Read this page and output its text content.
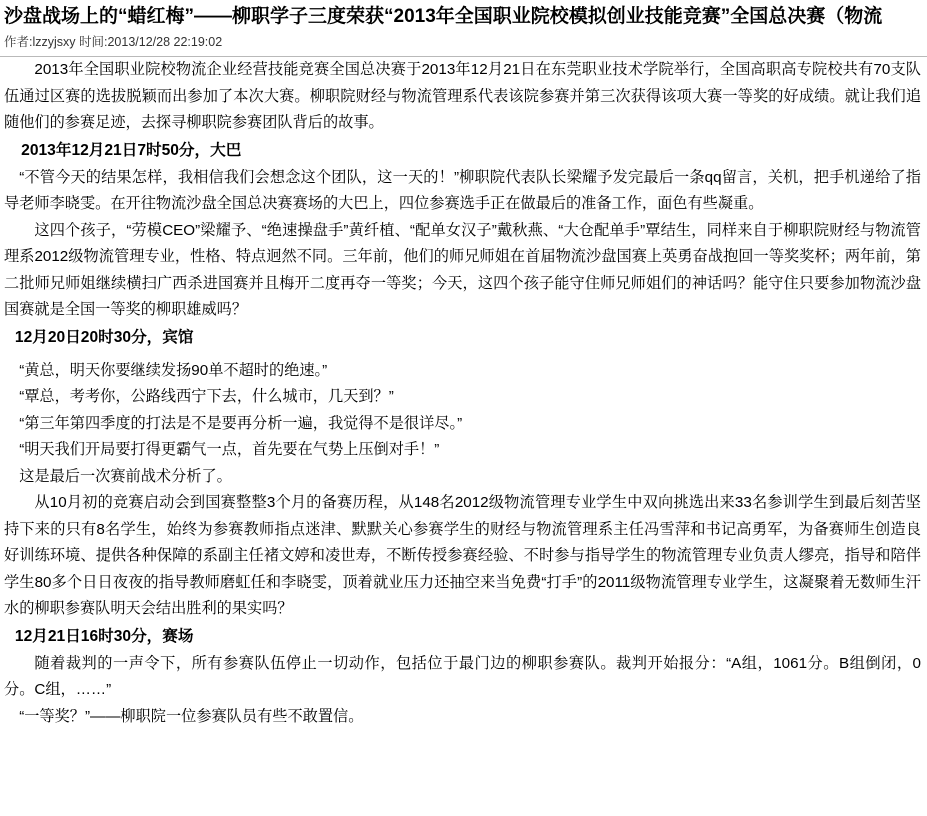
沙盘战场上的“蜡红梅”——柳职学子三度荣获“2013年全国职业院校模拟创业技能竞赛”全国总决赛（物流
作者:lzzyjsxy 时间:2013/12/28 22:19:02

2013年全国职业院校物流企业经营技能竞赛全国总决赛于2013年12月21日在东莞职业技术学院举行，全国高职高专院校共有70支队伍通过区赛的选拔脱颖而出参加了本次大赛。柳职院财经与物流管理系代表该院参赛并第三次获得该项大赛一等奖的好成绩。就让我们追随他们的参赛足迹，去探寻柳职院参赛团队背后的故事。

2013年12月21日7时50分，大巴

“不管今天的结果怎样，我相信我们会想念这个团队，这一天的！”柳职院代表队长梁耀予发完最后一条qq留言，关机，把手机递给了指导老师李晓雯。在开往物流沙盘全国总决赛赛场的大巴上，四位参赛选手正在做最后的准备工作，面色有些凝重。

这四个孩子，“劳模CEO”梁耀予、“绝速操盘手”黄纤植、“配单女汉子”戴秋燕、“大仓配单手”覃结生，同样来自于柳职院财经与物流管理系2012级物流管理专业，性格、特点迥然不同。三年前，他们的师兄师姐在首届物流沙盘国赛上英勇奋战抱回一等奖奖杯；两年前，第二批师兄师姐继续横扫广西杀进国赛并且梅开二度再夺一等奖；今天，这四个孩子能守住师兄师姐们的神话吗？能守住只要参加物流沙盘国赛就是全国一等奖的柳职雄威吗？

12月20日20时30分，宾馆

“黄总，明天你要继续发扬90单不超时的绝速。”

“覃总，考考你，公路线西宁下去，什么城市，几天到？”

“第三年第四季度的打法是不是要再分析一遍，我觉得不是很详尽。”

“明天我们开局要打得更霸气一点，首先要在气势上压倒对手！”

这是最后一次赛前战术分析了。

从10月初的竞赛启动会到国赛整整3个月的备赛历程，从148名2012级物流管理专业学生中双向挑选出来33名参训学生到最后刻苦坚持下来的只有8名学生，始终为参赛教师指点迷津、默默关心参赛学生的财经与物流管理系主任冯雪萍和书记高勇军，为备赛师生创造良好训练环境、提供各种保障的系副主任褚文婷和凌世寿，不断传授参赛经验、不时参与指导学生的物流管理专业负责人缪亮，指导和陪伴学生80多个日日夜夜的指导教师磨虹任和李晓雯，顶着就业压力还抽空来当免费“打手”的2011级物流管理专业学生，这凝聚着无数师生汗水的柳职参赛队明天会结出胜利的果实吗？

12月21日16时30分，赛场

随着裁判的一声令下，所有参赛队伍停止一切动作，包括位于最门边的柳职参赛队。裁判开始报分：“A组，1061分。B组倒闭，0分。C组，……”

“一等奖？”——柳职院一位参赛队员有些不敢置信。
